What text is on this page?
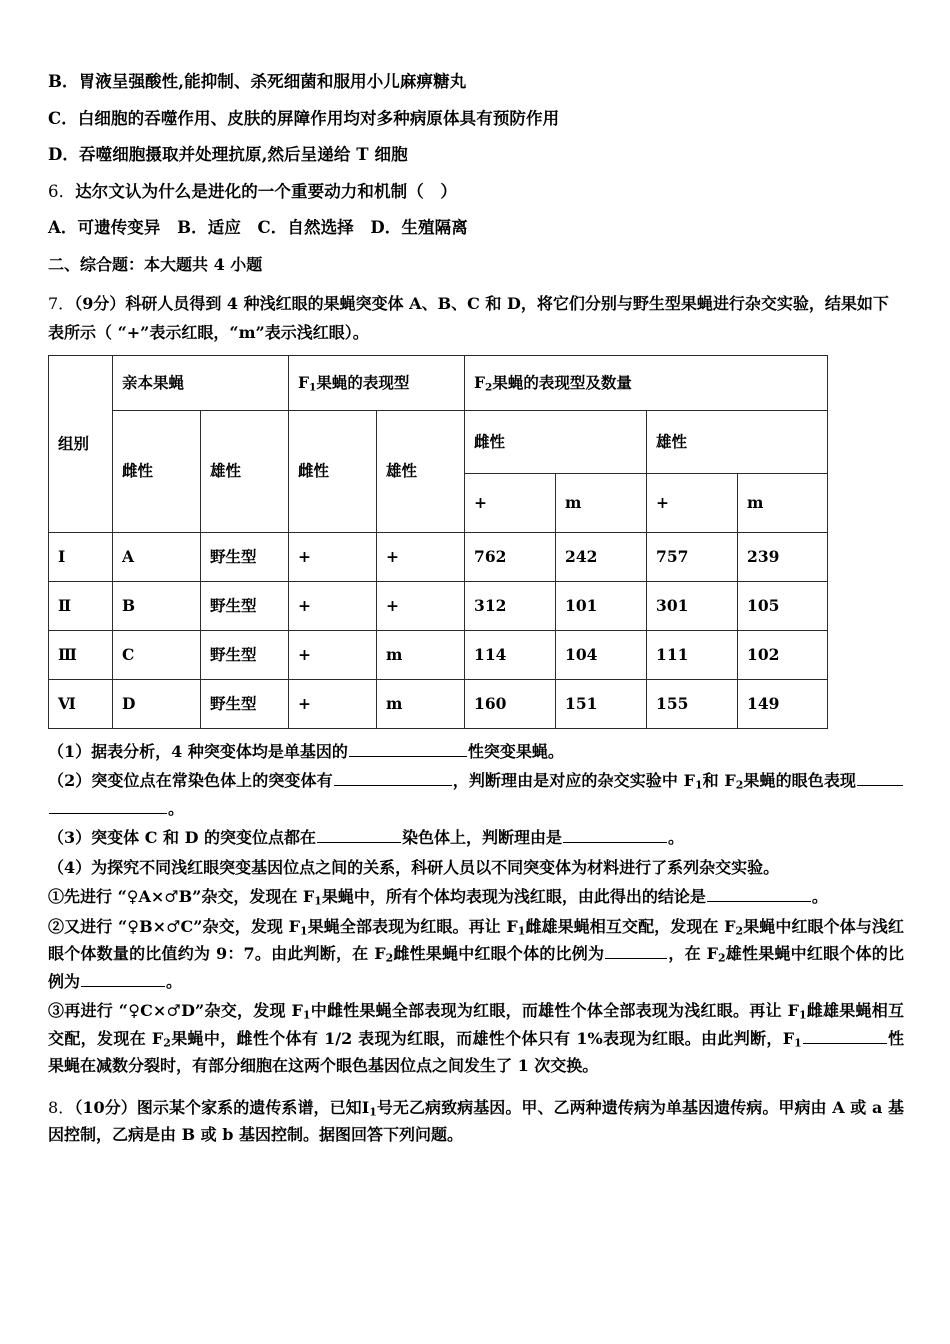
B．胃液呈强酸性,能抑制、杀死细菌和服用小儿麻痹糖丸
C．白细胞的吞噬作用、皮肤的屏障作用均对多种病原体具有预防作用
D．吞噬细胞摄取并处理抗原,然后呈递给 T 细胞
6．达尔文认为什么是进化的一个重要动力和机制（　）
A．可遗传变异　B．适应　C．自然选择　D．生殖隔离
二、综合题：本大题共 4 小题
7．（9分）科研人员得到 4 种浅红眼的果蝇突变体 A、B、C 和 D，将它们分别与野生型果蝇进行杂交实验，结果如下
表所示（ “+”表示红眼，“m”表示浅红眼）。
组别	亲本果蝇		$F_1$果蝇的表现型		$F_2$果蝇的表现型及数量			
	雌性	雄性	雌性	雄性	雌性		雄性	
					+	m	+	m
Ⅰ	A	野生型	+	+	762	242	757	239
Ⅱ	B	野生型	+	+	312	101	301	105
Ⅲ	C	野生型	+	m	114	104	111	102
Ⅵ	D	野生型	+	m	160	151	155	149
（1）据表分析，4 种突变体均是单基因的	性突变果蝇。
（2）突变位点在常染色体上的突变体有	，判断理由是对应的杂交实验中 $F_1$和 $F_2$果蝇的眼色表现。
（3）突变体 C 和 D 的突变位点都在	染色体上，判断理由是	。
（4）为探究不同浅红眼突变基因位点之间的关系，科研人员以不同突变体为材料进行了系列杂交实验。
①先进行 “♀A×♂B”杂交，发现在 $F_1$果蝇中，所有个体均表现为浅红眼，由此得出的结论是	。
②又进行 “♀B×♂C”杂交，发现 $F_1$果蝇全部表现为红眼。再让 $F_1$雌雄果蝇相互交配，发现在 $F_2$果蝇中红眼个体与浅红眼个体数量的比值约为 9：7。由此判断，在 $F_2$雌性果蝇中红眼个体的比例为	，在 $F_2$雄性果蝇中红眼个体的比例为	。
③再进行 “♀C×♂D”杂交，发现 $F_1$中雌性果蝇全部表现为红眼，而雄性个体全部表现为浅红眼。再让 $F_1$雌雄果蝇相互交配，发现在 $F_2$果蝇中，雌性个体有 1/2 表现为红眼，而雄性个体只有 1%表现为红眼。由此判断，$F_1$	性果蝇在减数分裂时，有部分细胞在这两个眼色基因位点之间发生了 1 次交换。
8．（10分）图示某个家系的遗传系谱，已知$Ⅰ_1$号无乙病致病基因。甲、乙两种遗传病为单基因遗传病。甲病由 A 或 a 基因控制，乙病是由 B 或 b 基因控制。据图回答下列问题。
